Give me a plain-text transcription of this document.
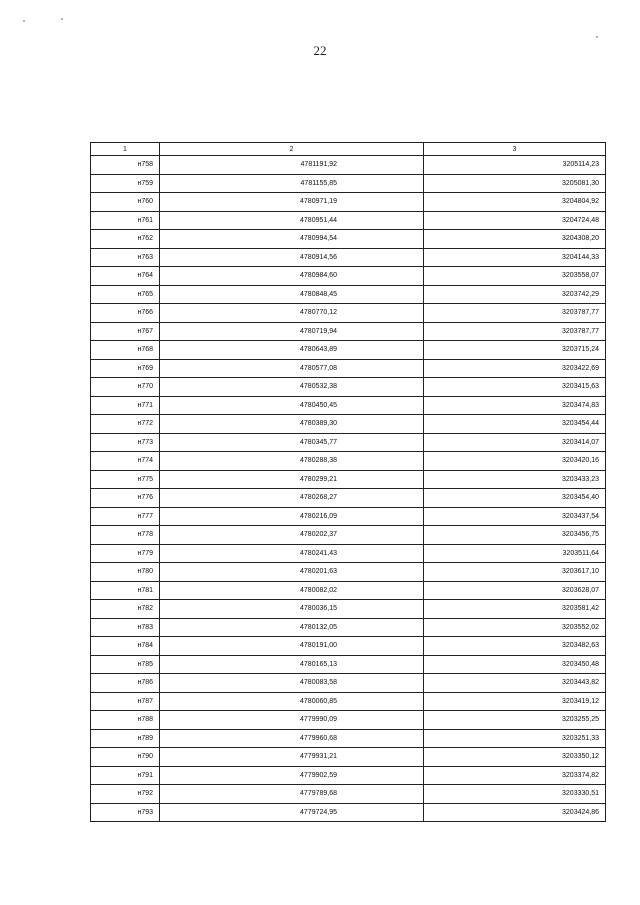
22
1	2	3
н758	4781191,92	3205114,23
н759	4781155,85	3205081,30
н760	4780971,19	3204804,92
н761	4780951,44	3204724,48
н762	4780994,54	3204308,20
н763	4780914,56	3204144,33
н764	4780984,60	3203558,07
н765	4780848,45	3203742,29
н766	4780770,12	3203787,77
н767	4780719,94	3203787,77
н768	4780643,89	3203715,24
н769	4780577,08	3203422,69
н770	4780532,38	3203415,63
н771	4780450,45	3203474,83
н772	4780389,30	3203454,44
н773	4780345,77	3203414,07
н774	4780288,38	3203420,16
н775	4780299,21	3203433,23
н776	4780268,27	3203454,40
н777	4780216,09	3203437,54
н778	4780202,37	3203456,75
н779	4780241,43	3203511,64
н780	4780201,63	3203617,10
н781	4780082,02	3203628,07
н782	4780036,15	3203581,42
н783	4780132,05	3203552,02
н784	4780191,00	3203482,63
н785	4780165,13	3203450,48
н786	4780083,58	3203443,82
н787	4780060,85	3203419,12
н788	4779990,09	3203255,25
н789	4779960,68	3203251,33
н790	4779931,21	3203350,12
н791	4779902,59	3203374,82
н792	4779789,68	3203330,51
н793	4779724,95	3203424,86
